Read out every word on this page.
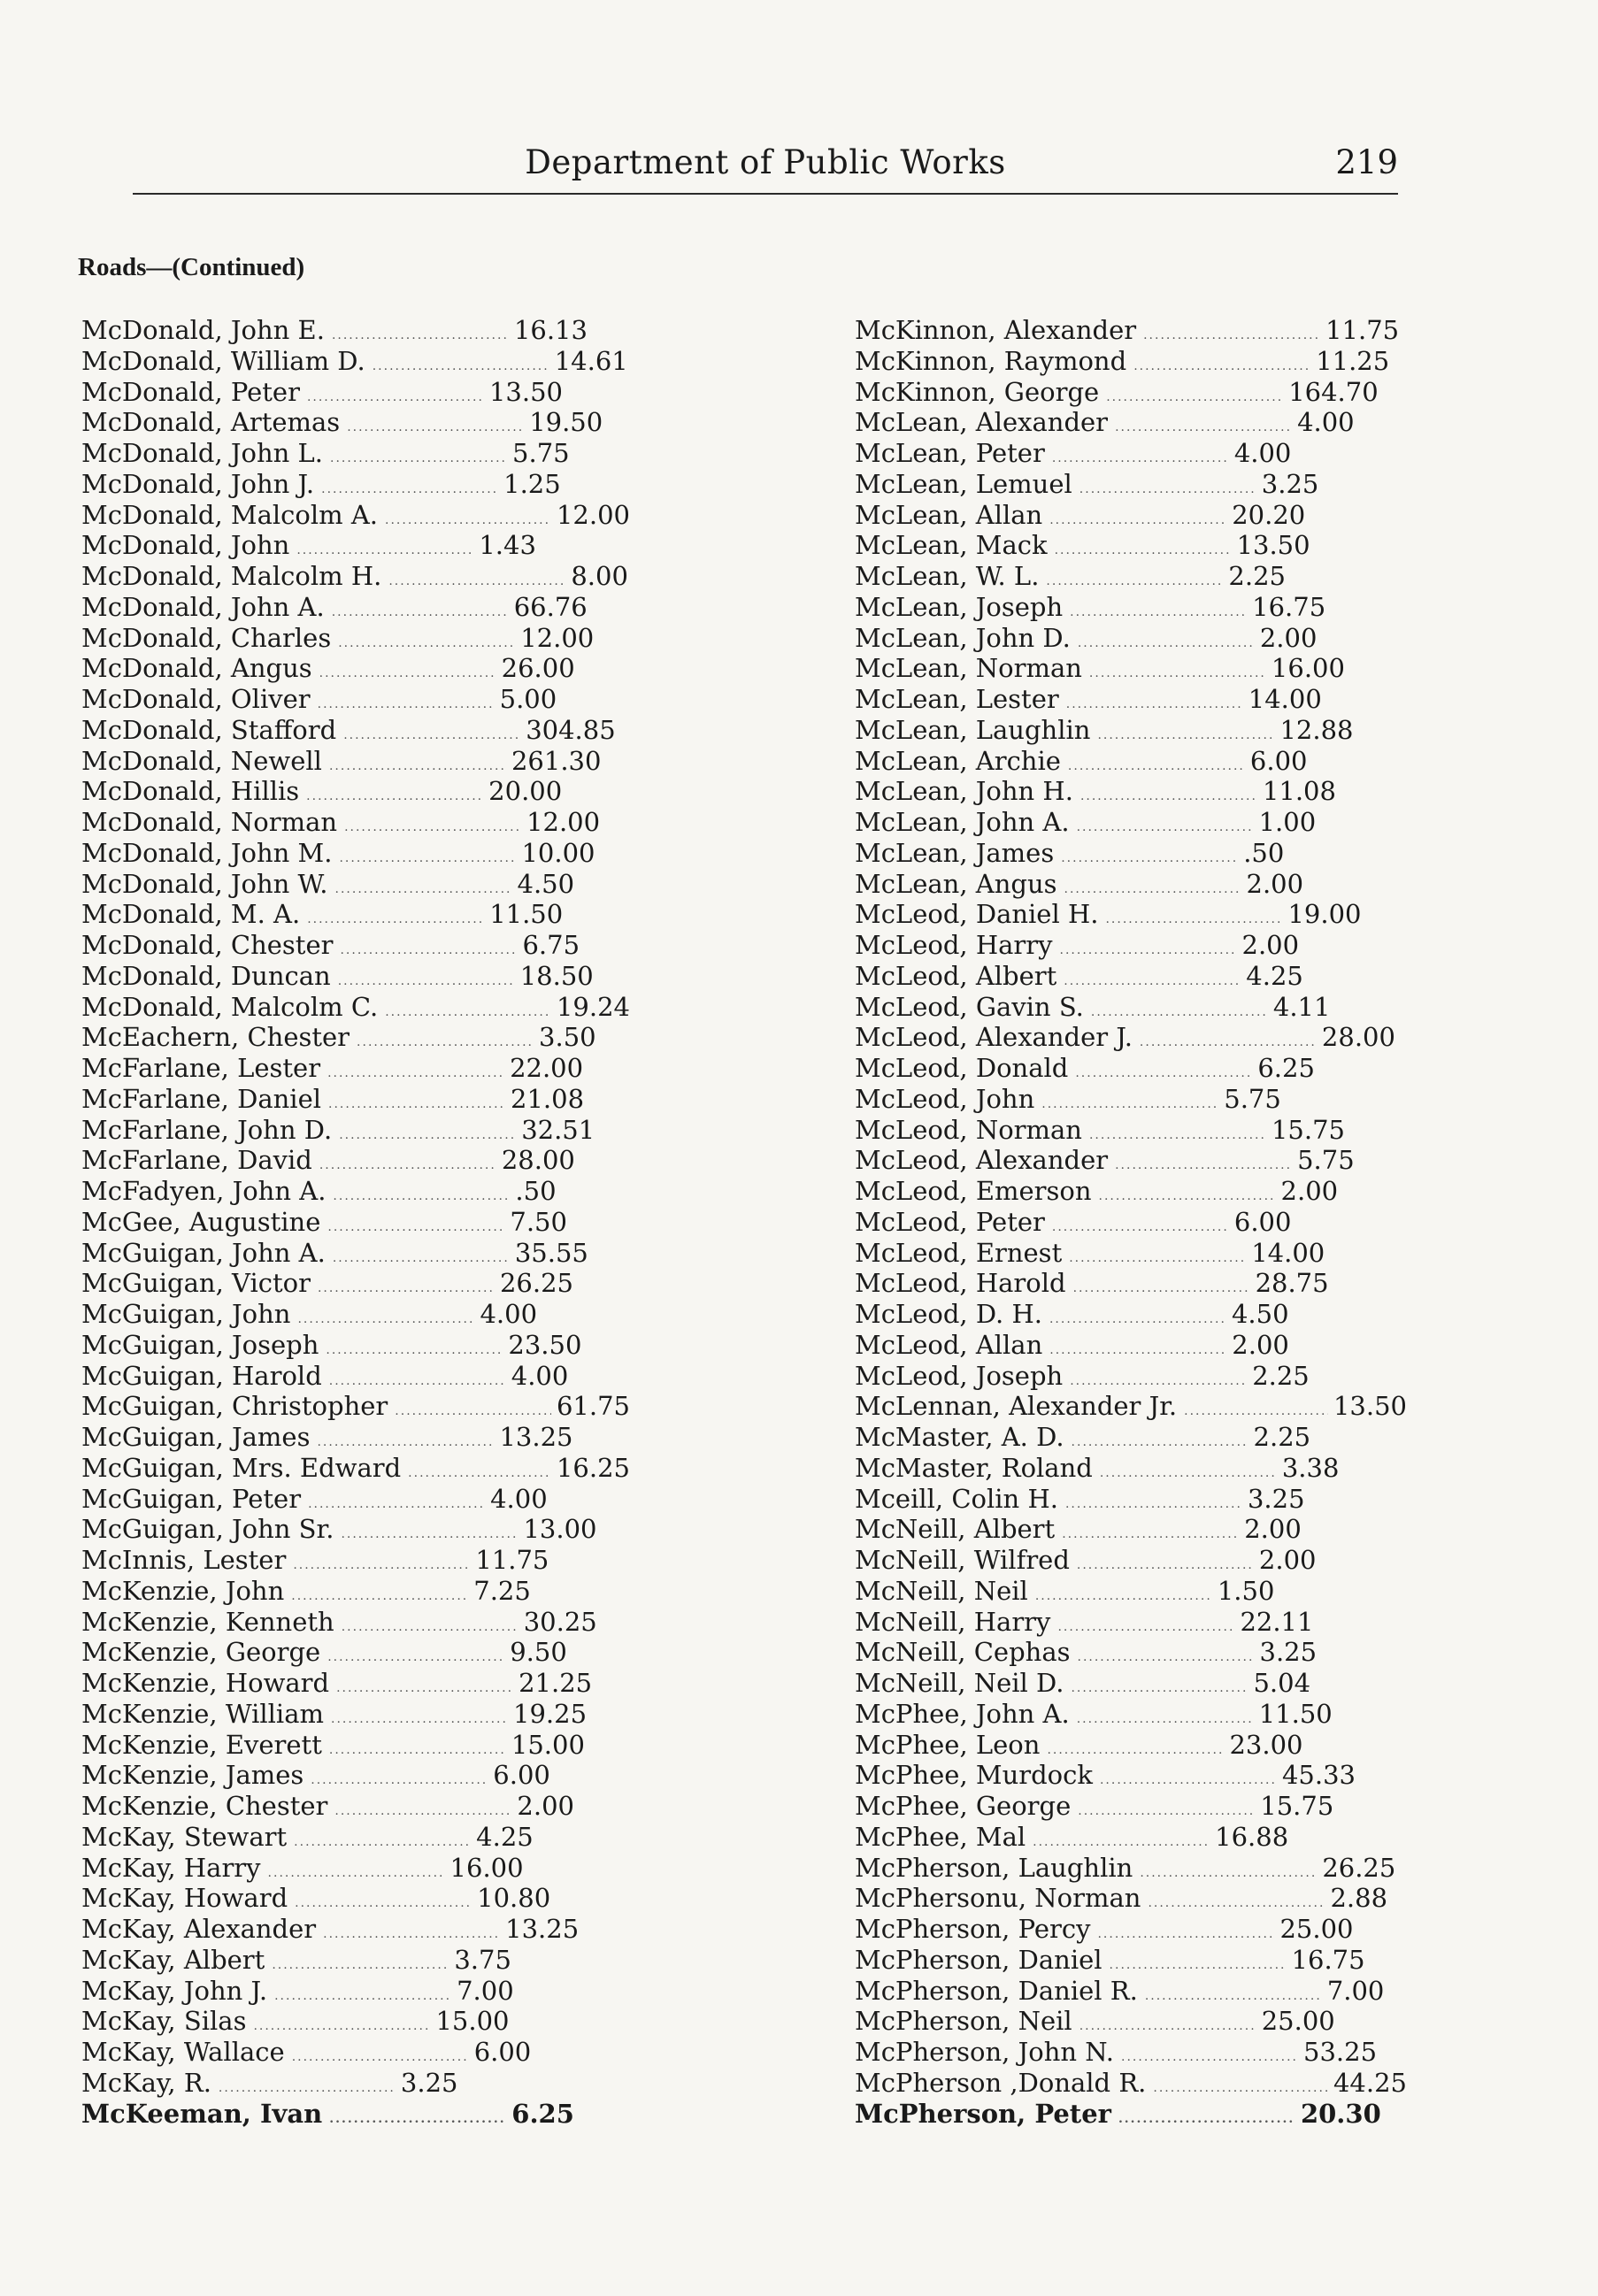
Department of Public Works	219
Roads—(Continued)
McDonald, John E. .....	16.13
McDonald, William D. .....	14.61
McDonald, Peter .....	13.50
McDonald, Artemas .....	19.50
McDonald, John L. .....	5.75
McDonald, John J. .....	1.25
McDonald, Malcolm A. .....	12.00
McDonald, John .....	1.43
McDonald, Malcolm H. .....	8.00
McDonald, John A. .....	66.76
McDonald, Charles .....	12.00
McDonald, Angus .....	26.00
McDonald, Oliver .....	5.00
McDonald, Stafford .....	304.85
McDonald, Newell .....	261.30
McDonald, Hillis .....	20.00
McDonald, Norman .....	12.00
McDonald, John M. .....	10.00
McDonald, John W. .....	4.50
McDonald, M. A. .....	11.50
McDonald, Chester .....	6.75
McDonald, Duncan .....	18.50
McDonald, Malcolm C. .....	19.24
McEachern, Chester .....	3.50
McFarlane, Lester .....	22.00
McFarlane, Daniel .....	21.08
McFarlane, John D. .....	32.51
McFarlane, David .....	28.00
McFadyen, John A. .....	.50
McGee, Augustine .....	7.50
McGuigan, John A. .....	35.55
McGuigan, Victor .....	26.25
McGuigan, John .....	4.00
McGuigan, Joseph .....	23.50
McGuigan, Harold .....	4.00
McGuigan, Christopher .....	61.75
McGuigan, James .....	13.25
McGuigan, Mrs. Edward .....	16.25
McGuigan, Peter .....	4.00
McGuigan, John Sr. .....	13.00
McInnis, Lester .....	11.75
McKenzie, John .....	7.25
McKenzie, Kenneth .....	30.25
McKenzie, George .....	9.50
McKenzie, Howard .....	21.25
McKenzie, William .....	19.25
McKenzie, Everett .....	15.00
McKenzie, James .....	6.00
McKenzie, Chester .....	2.00
McKay, Stewart .....	4.25
McKay, Harry .....	16.00
McKay, Howard .....	10.80
McKay, Alexander .....	13.25
McKay, Albert .....	3.75
McKay, John J. .....	7.00
McKay, Silas .....	15.00
McKay, Wallace .....	6.00
McKay, R. .....	3.25
McKeeman, Ivan .....	6.25
McKinnon, Alexander .....	11.75
McKinnon, Raymond .....	11.25
McKinnon, George .....	164.70
McLean, Alexander .....	4.00
McLean, Peter .....	4.00
McLean, Lemuel .....	3.25
McLean, Allan .....	20.20
McLean, Mack .....	13.50
McLean, W. L. .....	2.25
McLean, Joseph .....	16.75
McLean, John D. .....	2.00
McLean, Norman .....	16.00
McLean, Lester .....	14.00
McLean, Laughlin .....	12.88
McLean, Archie .....	6.00
McLean, John H. .....	11.08
McLean, John A. .....	1.00
McLean, James .....	.50
McLean, Angus .....	2.00
McLeod, Daniel H. .....	19.00
McLeod, Harry .....	2.00
McLeod, Albert .....	4.25
McLeod, Gavin S. .....	4.11
McLeod, Alexander J. .....	28.00
McLeod, Donald .....	6.25
McLeod, John .....	5.75
McLeod, Norman .....	15.75
McLeod, Alexander .....	5.75
McLeod, Emerson .....	2.00
McLeod, Peter .....	6.00
McLeod, Ernest .....	14.00
McLeod, Harold .....	28.75
McLeod, D. H. .....	4.50
McLeod, Allan .....	2.00
McLeod, Joseph .....	2.25
McLennan, Alexander Jr. .....	13.50
McMaster, A. D. .....	2.25
McMaster, Roland .....	3.38
Mceill, Colin H. .....	3.25
McNeill, Albert .....	2.00
McNeill, Wilfred .....	2.00
McNeill, Neil .....	1.50
McNeill, Harry .....	22.11
McNeill, Cephas .....	3.25
McNeill, Neil D. .....	5.04
McPhee, John A. .....	11.50
McPhee, Leon .....	23.00
McPhee, Murdock .....	45.33
McPhee, George .....	15.75
McPhee, Mal .....	16.88
McPherson, Laughlin .....	26.25
McPhersonu, Norman .....	2.88
McPherson, Percy .....	25.00
McPherson, Daniel .....	16.75
McPherson, Daniel R. .....	7.00
McPherson, Neil .....	25.00
McPherson, John N. .....	53.25
McPherson ,Donald R. .....	44.25
McPherson, Peter .....	20.30
